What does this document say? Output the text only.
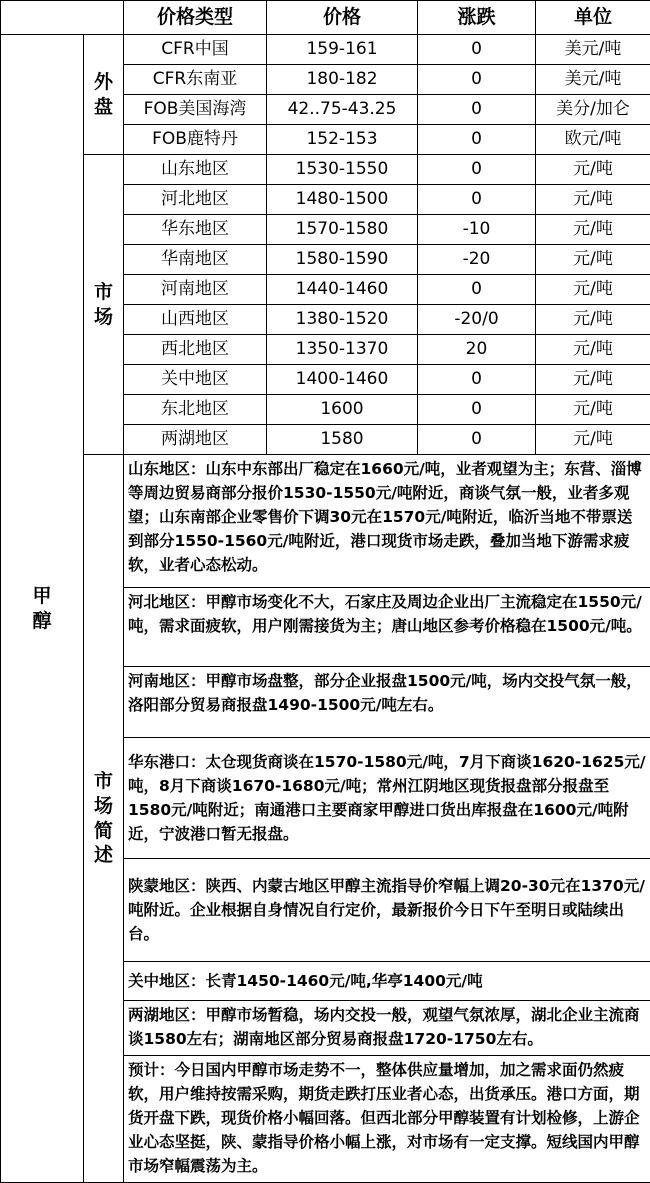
		价格类型	价格	涨跌	单位
甲醇	外盘	CFR中国	159-161	0	美元/吨
		CFR东南亚	180-182	0	美元/吨
		FOB美国海湾	42..75-43.25	0	美分/加仑
		FOB鹿特丹	152-153	0	欧元/吨
	市场	山东地区	1530-1550	0	元/吨
		河北地区	1480-1500	0	元/吨
		华东地区	1570-1580	-10	元/吨
		华南地区	1580-1590	-20	元/吨
		河南地区	1440-1460	0	元/吨
		山西地区	1380-1520	-20/0	元/吨
		西北地区	1350-1370	20	元/吨
		关中地区	1400-1460	0	元/吨
		东北地区	1600	0	元/吨
		两湖地区	1580	0	元/吨
	市场简述	山东地区：山东中东部出厂稳定在1660元/吨，业者观望为主；东营、淄博等周边贸易商部分报价1530-1550元/吨附近，商谈气氛一般，业者多观望；山东南部企业零售价下调30元在1570元/吨附近，临沂当地不带票送到部分1550-1560元/吨附近，港口现货市场走跌，叠加当地下游需求疲软，业者心态松动。			
		河北地区：甲醇市场变化不大，石家庄及周边企业出厂主流稳定在1550元/吨，需求面疲软，用户刚需接货为主；唐山地区参考价格稳在1500元/吨。			
		河南地区：甲醇市场盘整，部分企业报盘1500元/吨，场内交投气氛一般，洛阳部分贸易商报盘1490-1500元/吨左右。			
		华东港口：太仓现货商谈在1570-1580元/吨，7月下商谈1620-1625元/吨，8月下商谈1670-1680元/吨；常州江阴地区现货报盘部分报盘至1580元/吨附近；南通港口主要商家甲醇进口货出库报盘在1600元/吨附近，宁波港口暂无报盘。			
		陕蒙地区：陕西、内蒙古地区甲醇主流指导价窄幅上调20-30元在1370元/吨附近。企业根据自身情况自行定价，最新报价今日下午至明日或陆续出台。			
		关中地区：长青1450-1460元/吨,华亭1400元/吨			
		两湖地区：甲醇市场暂稳，场内交投一般，观望气氛浓厚，湖北企业主流商谈1580左右；湖南地区部分贸易商报盘1720-1750左右。			
		预计：今日国内甲醇市场走势不一，整体供应量增加，加之需求面仍然疲软，用户维持按需采购，期货走跌打压业者心态，出货承压。港口方面，期货开盘下跌，现货价格小幅回落。但西北部分甲醇装置有计划检修，上游企业心态坚挺，陕、蒙指导价格小幅上涨，对市场有一定支撑。短线国内甲醇市场窄幅震荡为主。			
